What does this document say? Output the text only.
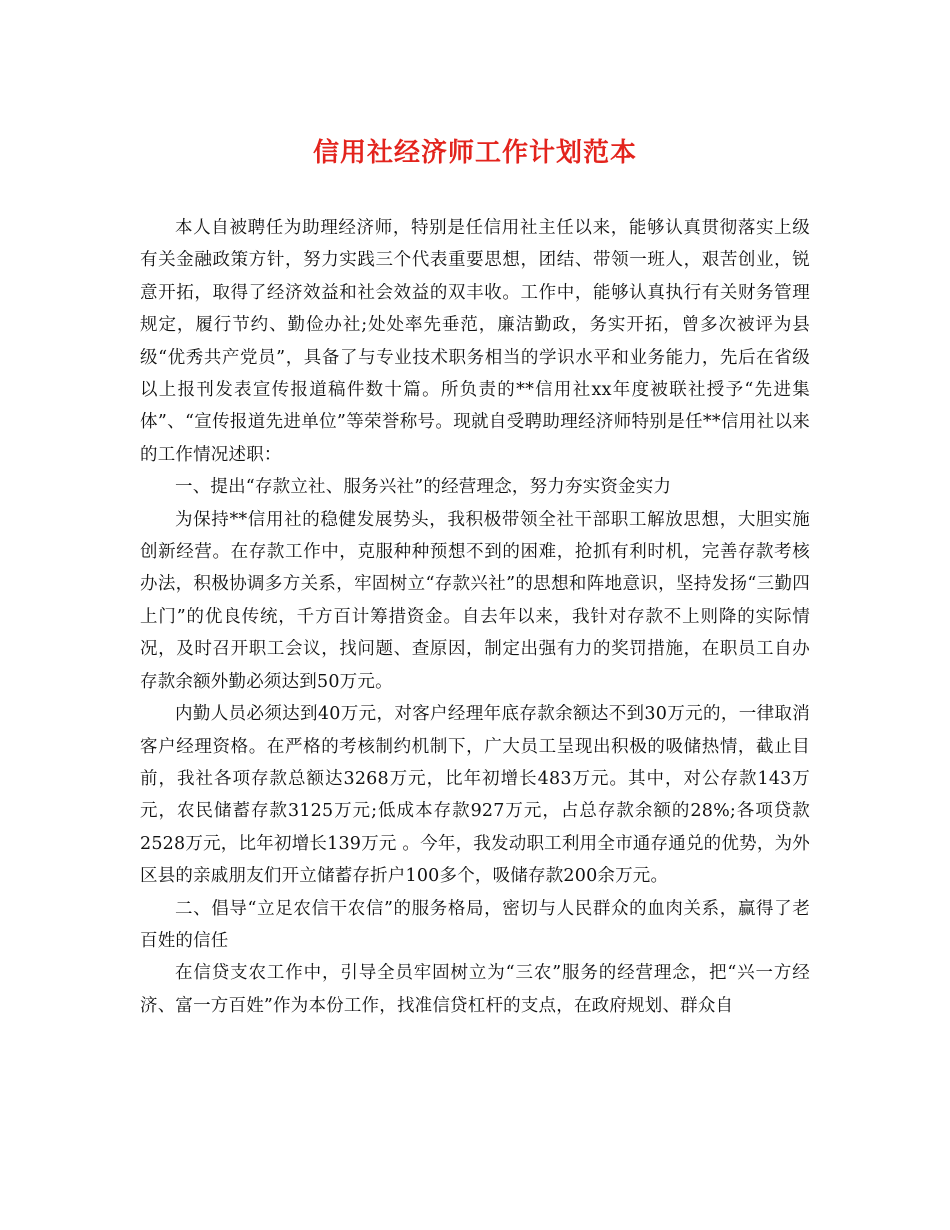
信用社经济师工作计划范本

本人自被聘任为助理经济师，特别是任信用社主任以来，能够认真贯彻落实上级有关金融政策方针，努力实践三个代表重要思想，团结、带领一班人，艰苦创业，锐意开拓，取得了经济效益和社会效益的双丰收。工作中，能够认真执行有关财务管理规定，履行节约、勤俭办社;处处率先垂范，廉洁勤政，务实开拓，曾多次被评为县级“优秀共产党员”，具备了与专业技术职务相当的学识水平和业务能力，先后在省级以上报刊发表宣传报道稿件数十篇。所负责的**信用社xx年度被联社授予“先进集体”、“宣传报道先进单位”等荣誉称号。现就自受聘助理经济师特别是任**信用社以来的工作情况述职：

一、提出“存款立社、服务兴社”的经营理念，努力夯实资金实力

为保持**信用社的稳健发展势头，我积极带领全社干部职工解放思想，大胆实施创新经营。在存款工作中，克服种种预想不到的困难，抢抓有利时机，完善存款考核办法，积极协调多方关系，牢固树立“存款兴社”的思想和阵地意识，坚持发扬“三勤四上门”的优良传统，千方百计筹措资金。自去年以来，我针对存款不上则降的实际情况，及时召开职工会议，找问题、查原因，制定出强有力的奖罚措施，在职员工自办存款余额外勤必须达到50万元。

内勤人员必须达到40万元，对客户经理年底存款余额达不到30万元的，一律取消客户经理资格。在严格的考核制约机制下，广大员工呈现出积极的吸储热情，截止目前，我社各项存款总额达3268万元，比年初增长483万元。其中，对公存款143万元，农民储蓄存款3125万元;低成本存款927万元，占总存款余额的28%;各项贷款2528万元，比年初增长139万元 。今年，我发动职工利用全市通存通兑的优势，为外区县的亲戚朋友们开立储蓄存折户100多个，吸储存款200余万元。

二、倡导“立足农信干农信”的服务格局，密切与人民群众的血肉关系，赢得了老百姓的信任

在信贷支农工作中，引导全员牢固树立为“三农”服务的经营理念，把“兴一方经济、富一方百姓”作为本份工作，找准信贷杠杆的支点，在政府规划、群众自
